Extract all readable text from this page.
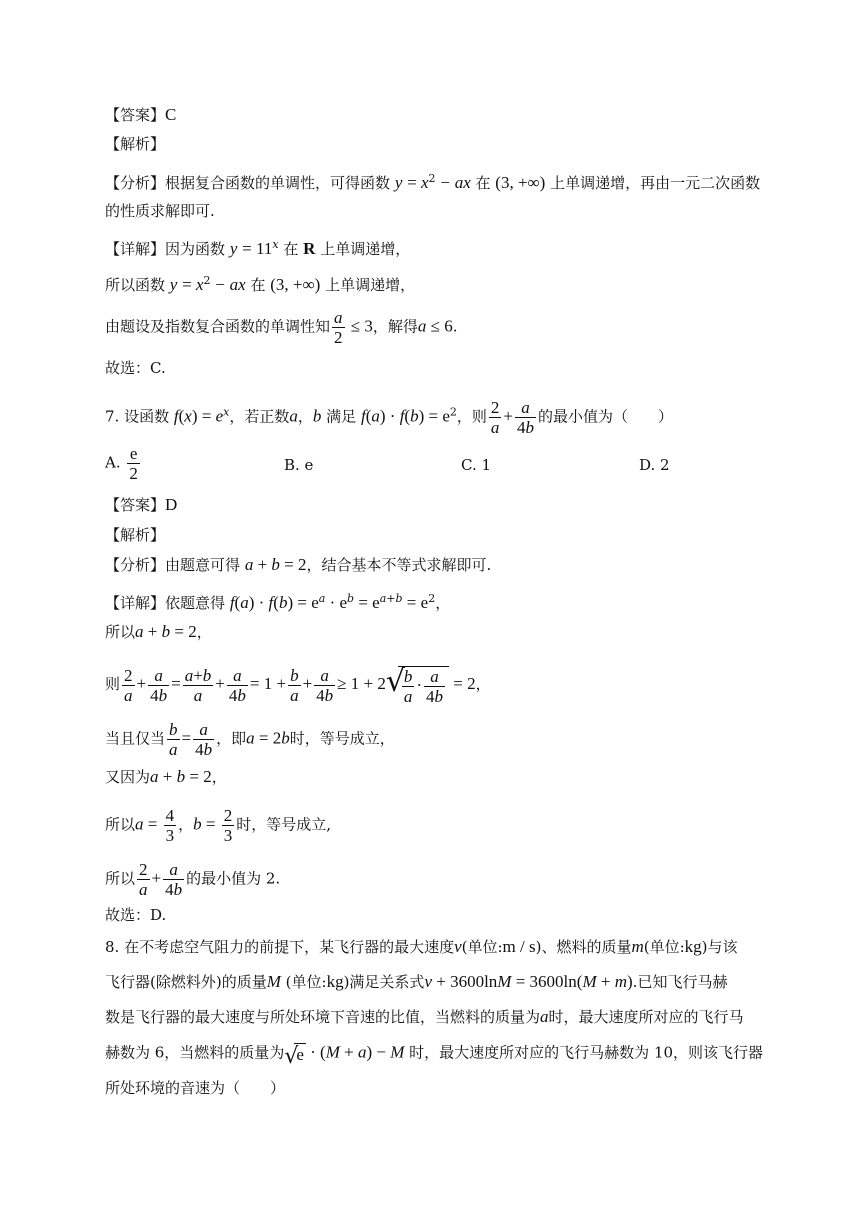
【答案】C
【解析】
【分析】根据复合函数的单调性，可得函数 $y = x^2$ − ax 在 (3, +∞) 上单调递增，再由一元二次函数
的性质求解即可.
【详解】因为函数 $y = 11^x$ 在 R 上单调递增，
所以函数 $y = x^2$ − ax 在 (3, +∞) 上单调递增，
由题设及指数复合函数的单调性知 $\frac{a}{2} \le 3$，解得a ≤ 6.
故选：C.
7. 设函数 $f(x) = e^x$，若正数a，b 满足 $f(a) \cdot f(b) = e^2$，则 $\frac{2}{a} + \frac{a}{4b}$ 的最小值为（　　）
A. $\frac{e}{2}$	B. e	C. 1	D. 2
【答案】D
【解析】
【分析】由题意可得 a + b = 2，结合基本不等式求解即可.
【详解】依题意得 $f(a) \cdot f(b) = e^a \cdot e^b = e^{a+b} = e^2$，
所以a + b = 2，
则 $\frac{2}{a} + \frac{a}{4b} = \frac{a+b}{a} + \frac{a}{4b} = 1 + \frac{b}{a} + \frac{a}{4b} \ge 1 + 2$ √
$\frac{b}{a} \cdot \frac{a}{4b} = 2$，
当且仅当 $\frac{b}{a} = \frac{a}{4b}$ ，即a = 2b时，等号成立，
又因为a + b = 2，
所以$a = \frac{4}{3}$ ，$b = \frac{2}{3}$ 时，等号成立,
所以 $\frac{2}{a} + \frac{a}{4b}$ 的最小值为 2.
故选：D.
8. 在不考虑空气阻力的前提下，某飞行器的最大速度v(单位:m / s)、燃料的质量m(单位:kg)与该
飞行器(除燃料外)的质量M (单位:kg)满足关系式v + 3600lnM = 3600ln(M + m).已知飞行马赫
数是飞行器的最大速度与所处环境下音速的比值，当燃料的质量为a时，最大速度所对应的飞行马
赫数为 6，当燃料的质量为 √
e · (M + a) − M 时，最大速度所对应的飞行马赫数为 10，则该飞行器
所处环境的音速为（　　）
